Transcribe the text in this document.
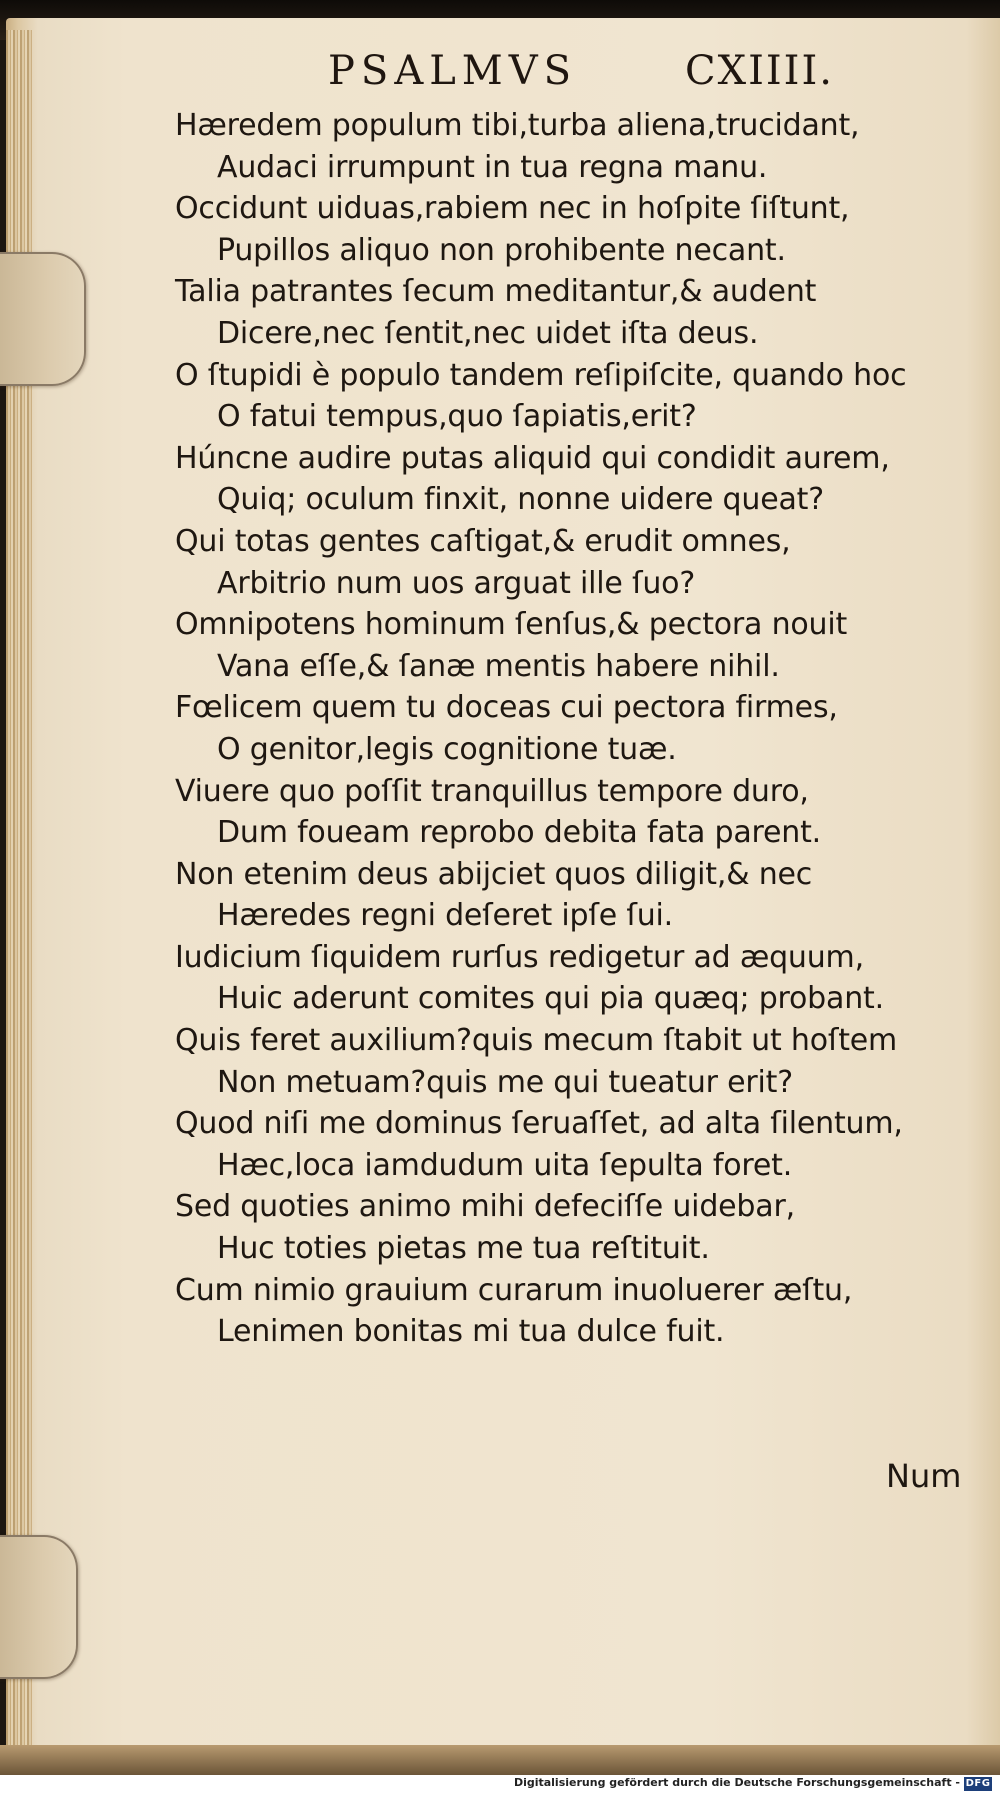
PSALMVS	CXIIII.
Hæredem populum tibi,turba aliena,trucidant,
Audaci irrumpunt in tua regna manu.
Occidunt uiduas,rabiem nec in hoſpite ſiſtunt,
Pupillos aliquo non prohibente necant.
Talia patrantes ſecum meditantur,& audent
Dicere,nec ſentit,nec uidet iſta deus.
O ſtupidi è populo tandem reſipiſcite, quando hoc
O fatui tempus,quo ſapiatis,erit?
Húncne audire putas aliquid qui condidit aurem,
Quiq; oculum finxit, nonne uidere queat?
Qui totas gentes caſtigat,& erudit omnes,
Arbitrio num uos arguat ille ſuo?
Omnipotens hominum ſenſus,& pectora nouit
Vana eſſe,& ſanæ mentis habere nihil.
Fœlicem quem tu doceas cui pectora firmes,
O genitor,legis cognitione tuæ.
Viuere quo poſſit tranquillus tempore duro,
Dum foueam reprobo debita fata parent.
Non etenim deus abijciet quos diligit,& nec
Hæredes regni deſeret ipſe ſui.
Iudicium ſiquidem rurſus redigetur ad æquum,
Huic aderunt comites qui pia quæq; probant.
Quis feret auxilium?quis mecum ſtabit ut hoſtem
Non metuam?quis me qui tueatur erit?
Quod niſi me dominus ſeruaſſet, ad alta ſilentum,
Hæc,loca iamdudum uita ſepulta foret.
Sed quoties animo mihi defeciſſe uidebar,
Huc toties pietas me tua reſtituit.
Cum nimio grauium curarum inuoluerer æſtu,
Lenimen bonitas mi tua dulce fuit.
Num
Digitalisierung gefördert durch die Deutsche Forschungsgemeinschaft - DFG
